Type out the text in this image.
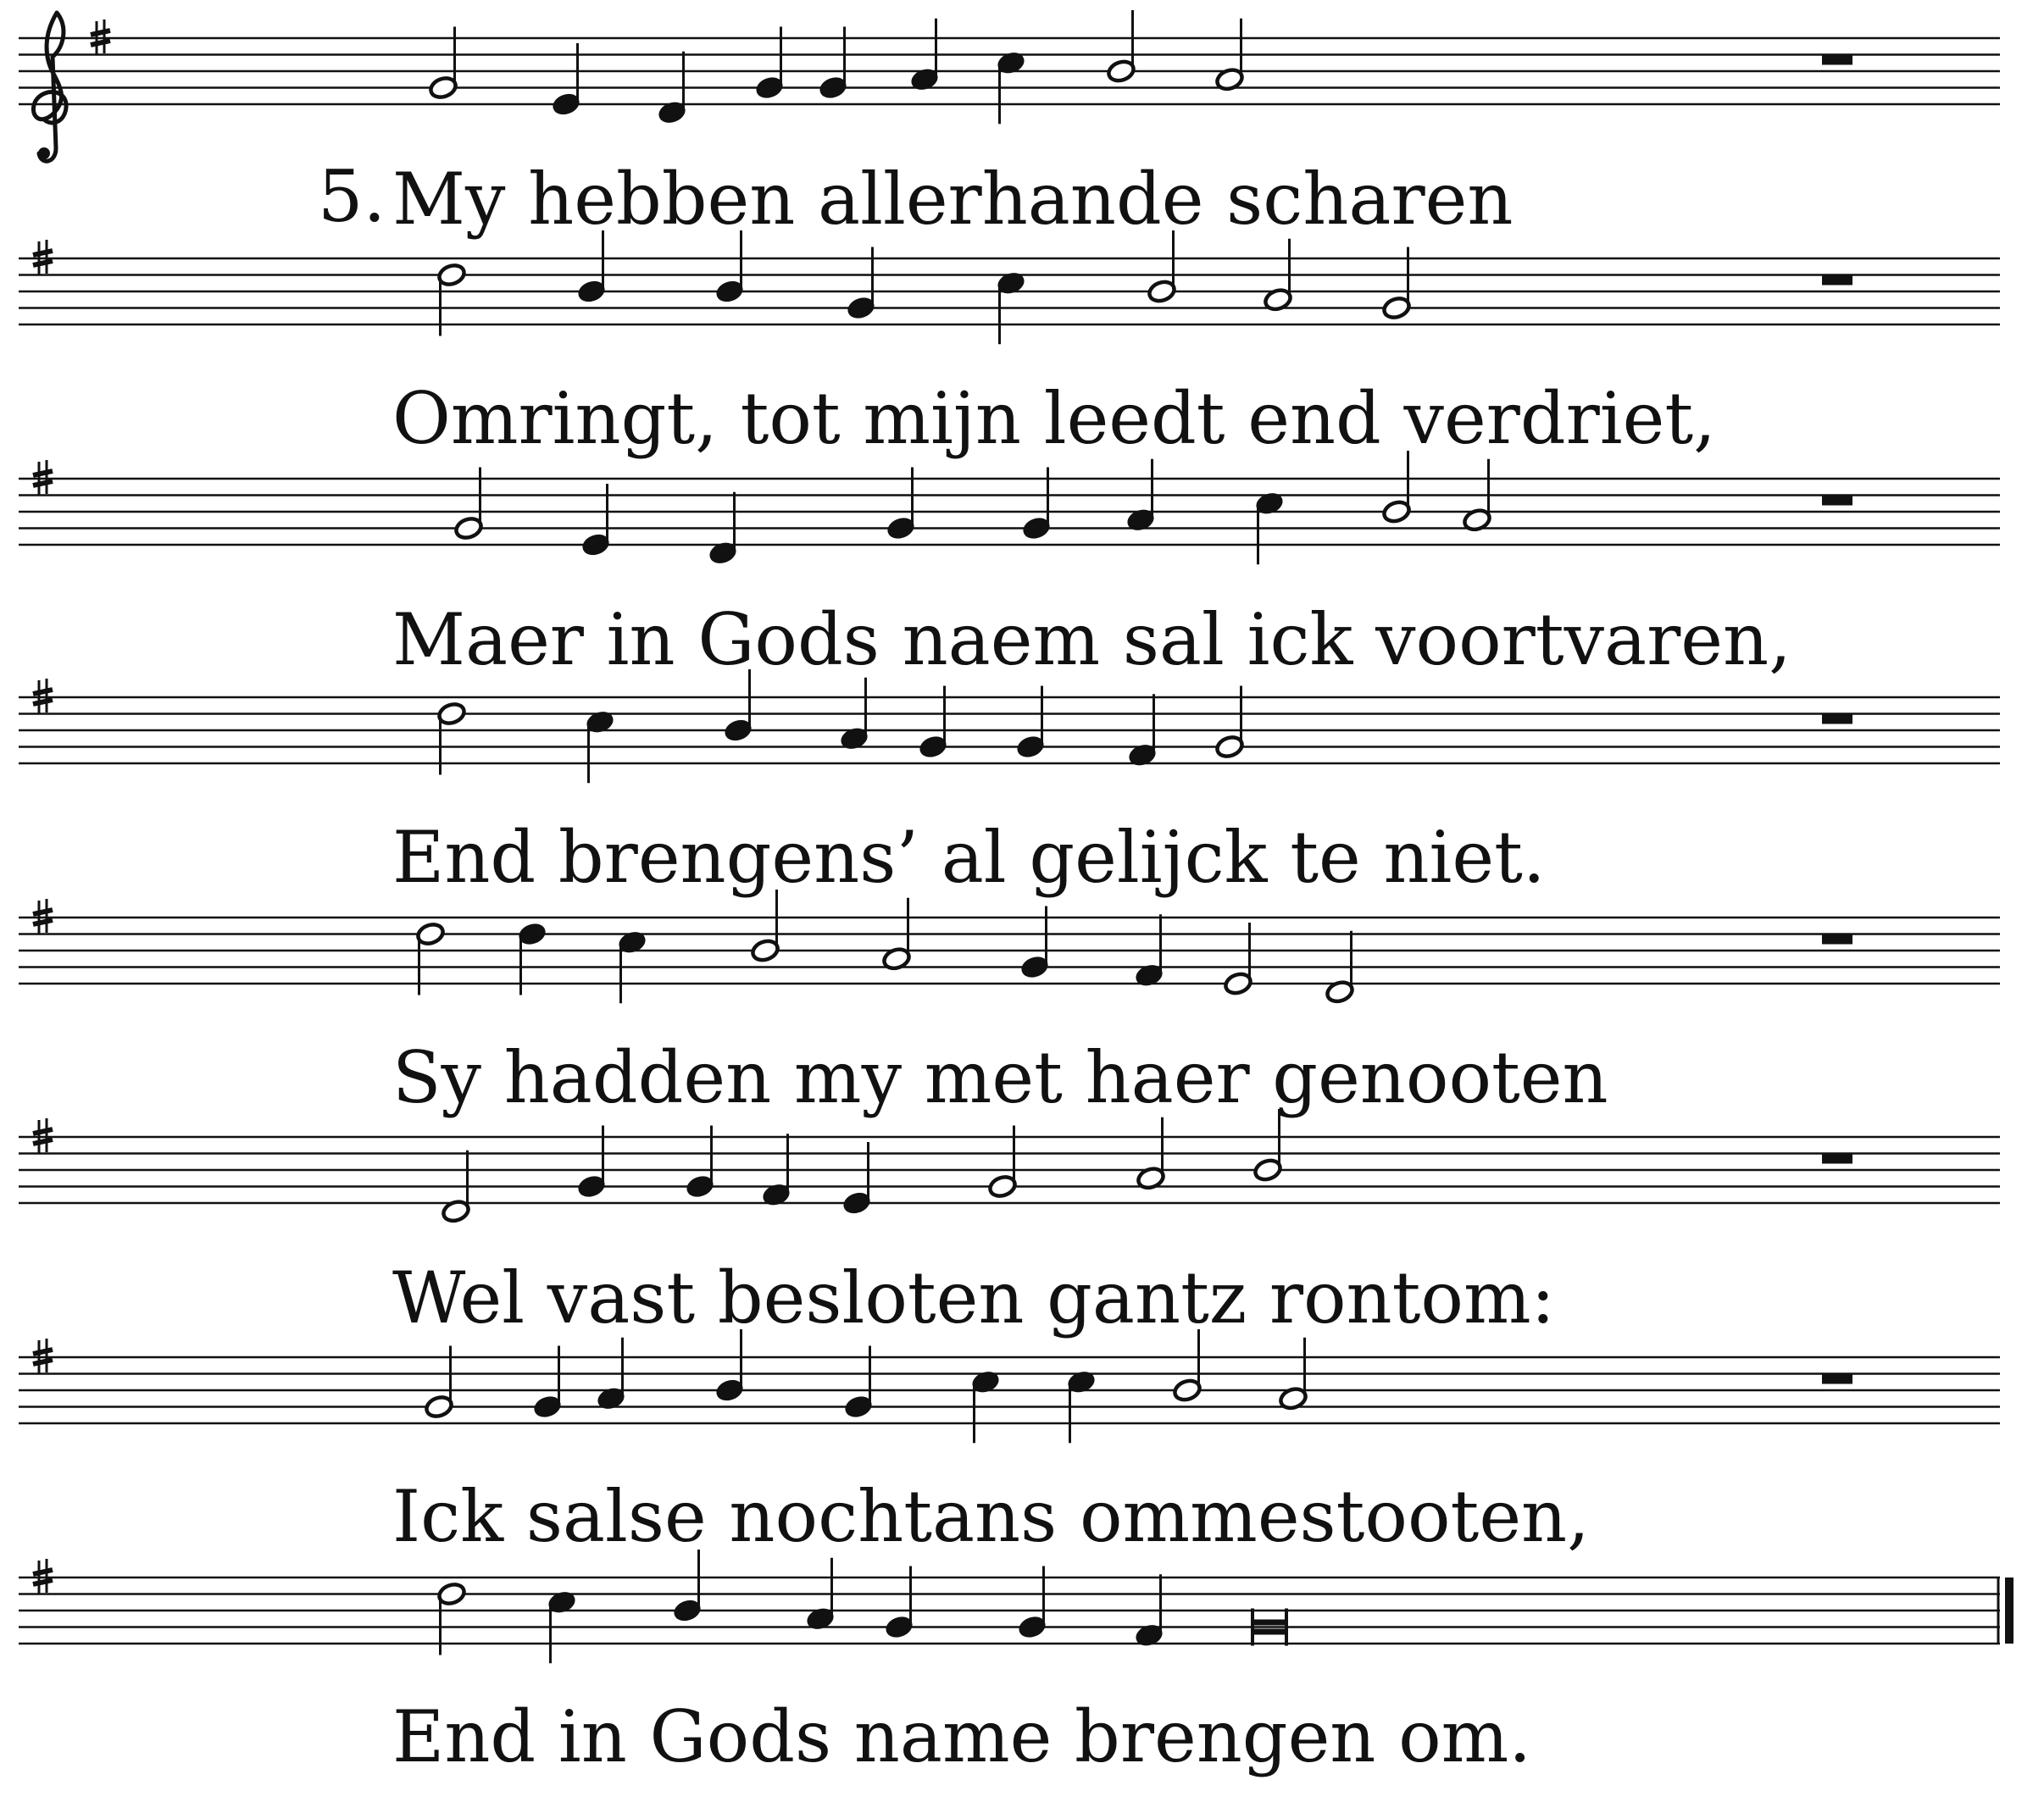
5. My hebben allerhande scharen
Omringt, tot mijn leedt end verdriet,
Maer in Gods naem sal ick voortvaren,
End brengens’ al gelijck te niet.
Sy hadden my met haer genooten
Wel vast besloten gantz rontom:
Ick salse nochtans ommestooten,
End in Gods name brengen om.
